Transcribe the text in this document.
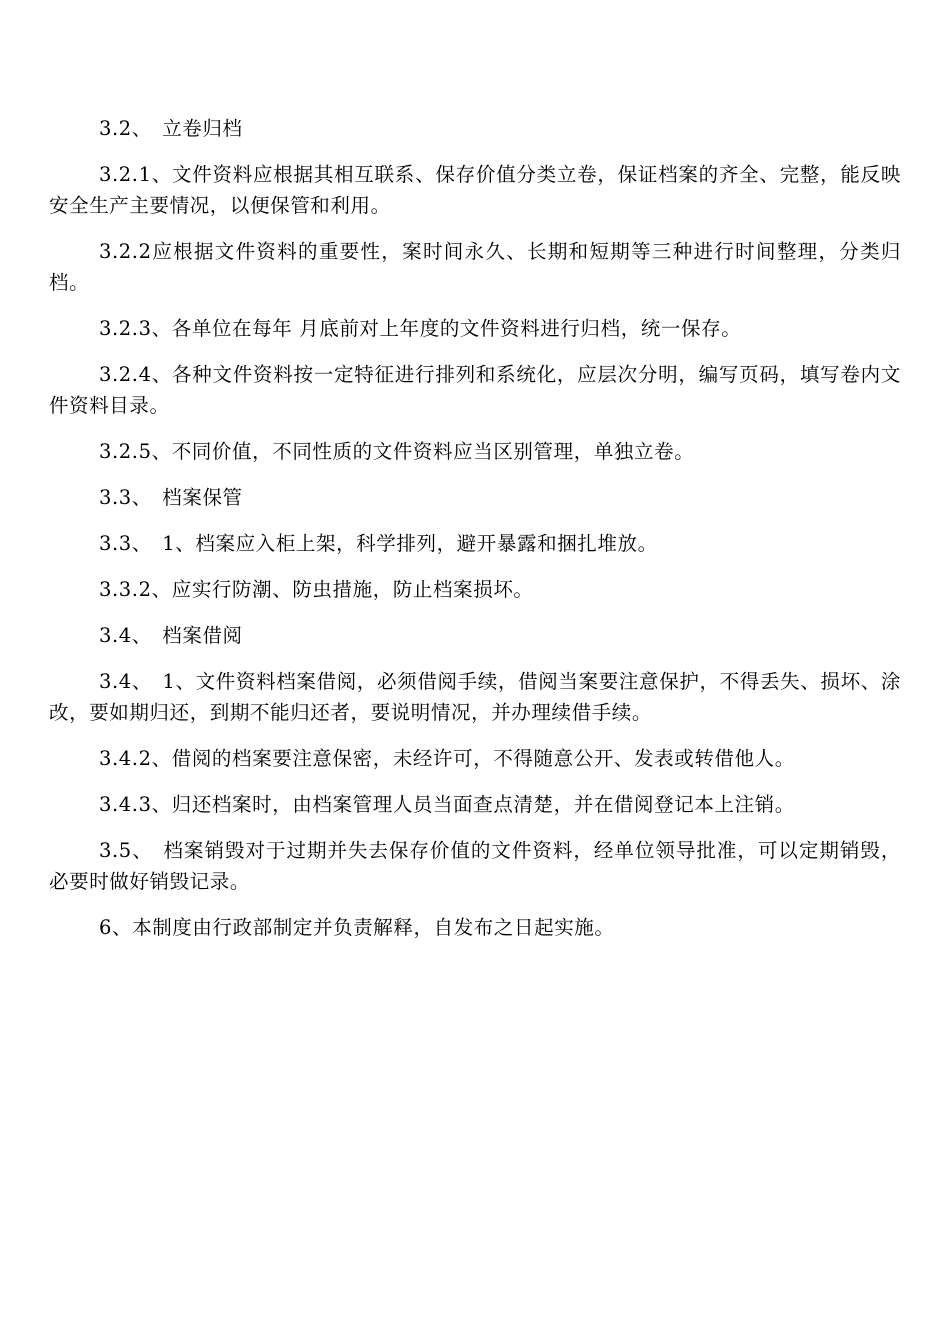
3.2、　立卷归档

3.2.1、文件资料应根据其相互联系、保存价值分类立卷，保证档案的齐全、完整，能反映安全生产主要情况，以便保管和利用。

3.2.2应根据文件资料的重要性，案时间永久、长期和短期等三种进行时间整理，分类归档。

3.2.3、各单位在每年 月底前对上年度的文件资料进行归档，统一保存。

3.2.4、各种文件资料按一定特征进行排列和系统化，应层次分明，编写页码，填写卷内文件资料目录。

3.2.5、不同价值，不同性质的文件资料应当区别管理，单独立卷。

3.3、　档案保管

3.3、　1、档案应入柜上架，科学排列，避开暴露和捆扎堆放。

3.3.2、应实行防潮、防虫措施，防止档案损坏。

3.4、　档案借阅

3.4、　1、文件资料档案借阅，必须借阅手续，借阅当案要注意保护，不得丢失、损坏、涂改，要如期归还，到期不能归还者，要说明情况，并办理续借手续。

3.4.2、借阅的档案要注意保密，未经许可，不得随意公开、发表或转借他人。

3.4.3、归还档案时，由档案管理人员当面查点清楚，并在借阅登记本上注销。

3.5、　档案销毁对于过期并失去保存价值的文件资料，经单位领导批准，可以定期销毁，必要时做好销毁记录。

6、本制度由行政部制定并负责解释，自发布之日起实施。
